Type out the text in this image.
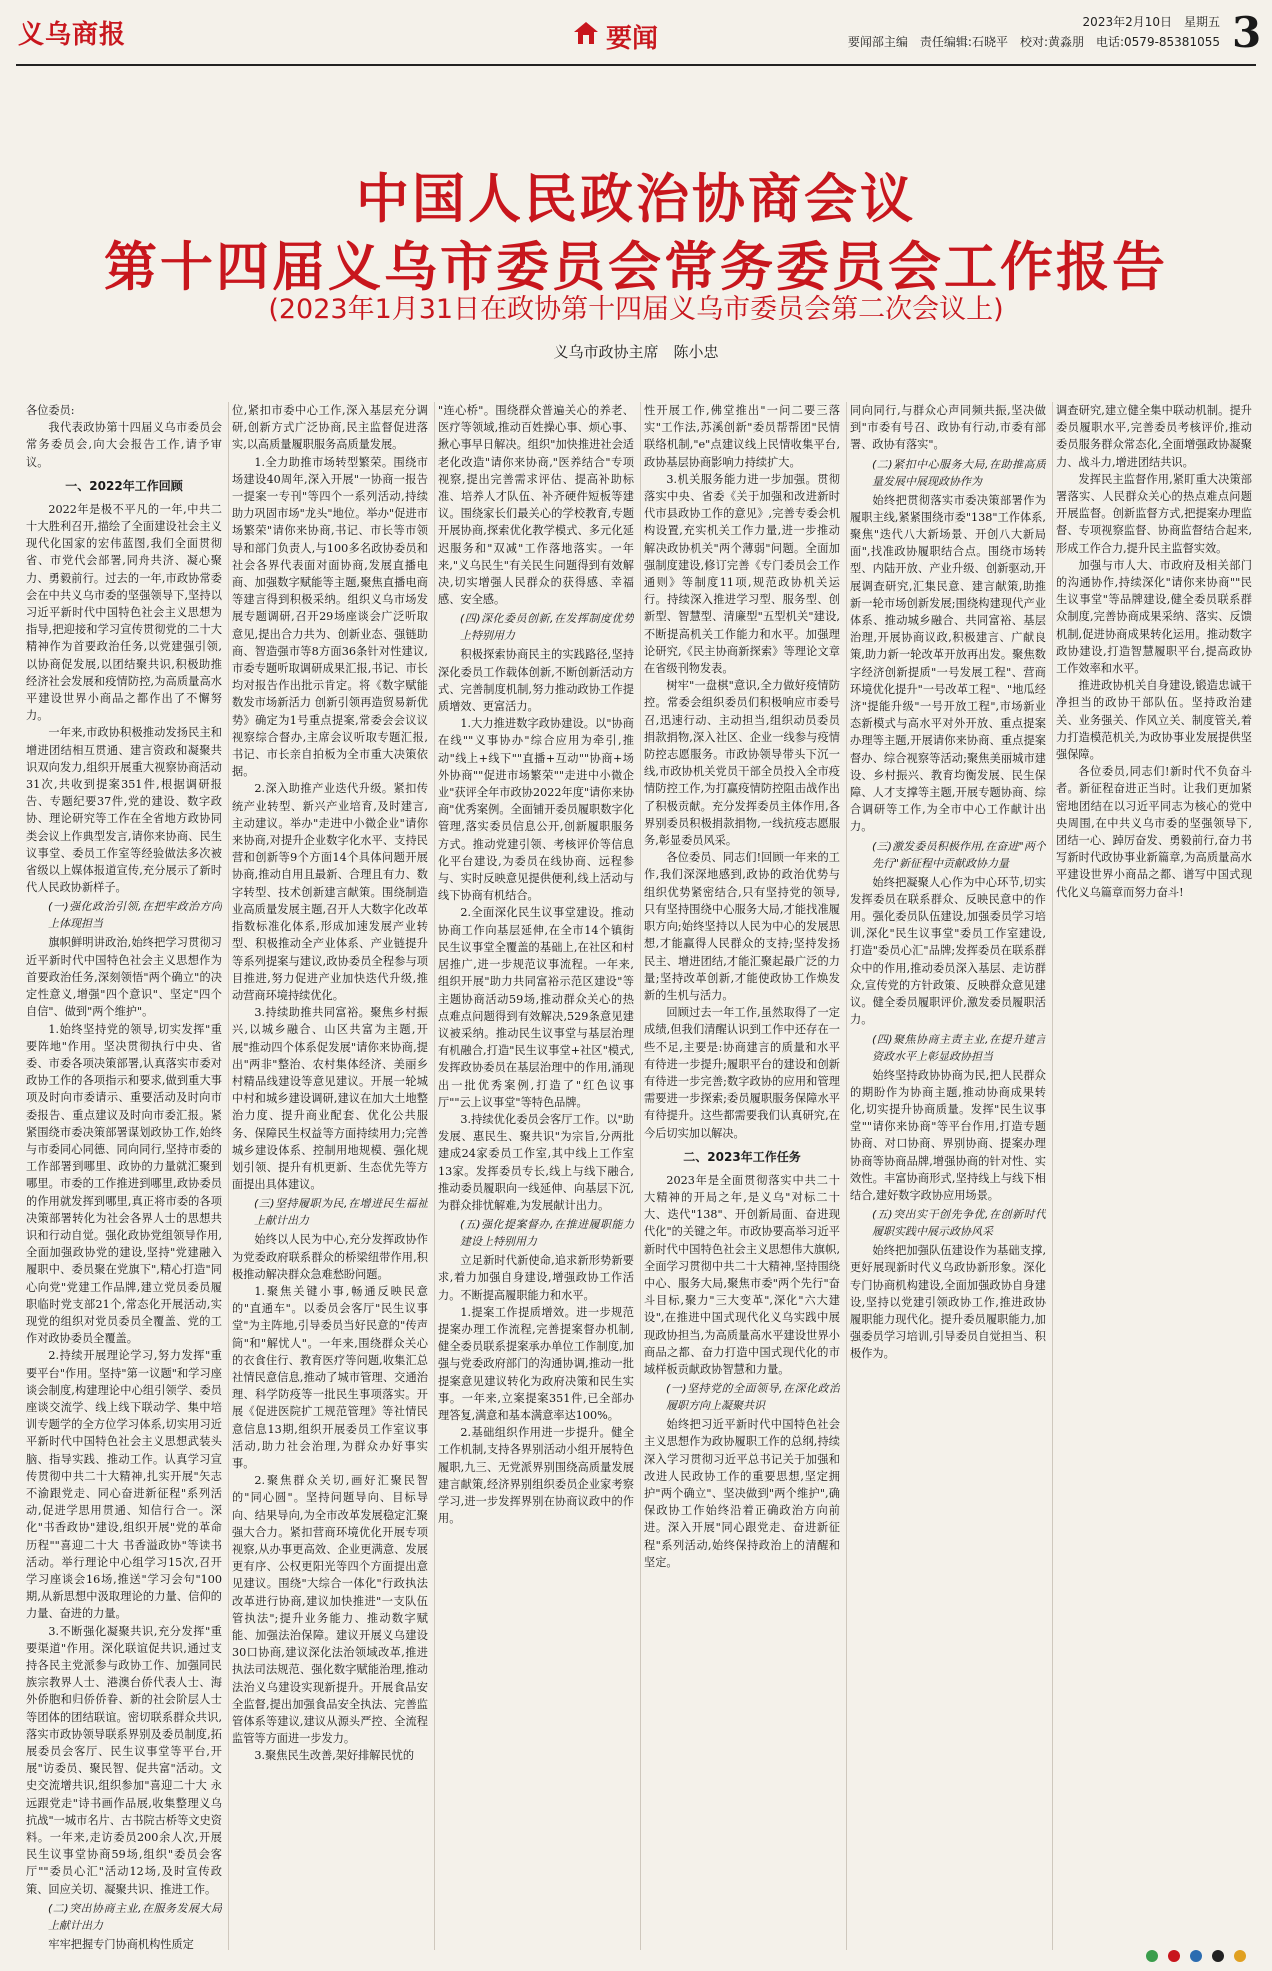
义乌商报	要闻
2023年2月10日　星期五
要闻部主编　责任编辑:石晓平　校对:黄淼朋　电话:0579-85381055 3
中国人民政治协商会议
第十四届义乌市委员会常务委员会工作报告
(2023年1月31日在政协第十四届义乌市委员会第二次会议上)
义乌市政协主席　陈小忠

各位委员:

我代表政协第十四届义乌市委员会常务委员会,向大会报告工作,请予审议。

一、2022年工作回顾

2022年是极不平凡的一年,中共二十大胜利召开,描绘了全面建设社会主义现代化国家的宏伟蓝图,我们全面贯彻省、市党代会部署,同舟共济、凝心聚力、勇毅前行。过去的一年,市政协常委会在中共义乌市委的坚强领导下,坚持以习近平新时代中国特色社会主义思想为指导,把迎接和学习宣传贯彻党的二十大精神作为首要政治任务,以党建强引领,以协商促发展,以团结聚共识,积极助推经济社会发展和疫情防控,为高质量高水平建设世界小商品之都作出了不懈努力。

一年来,市政协积极推动发扬民主和增进团结相互贯通、建言资政和凝聚共识双向发力,组织开展重大视察协商活动31次,共收到提案351件,根据调研报告、专题纪要37件,党的建设、数字政协、理论研究等工作在全省地方政协同类会议上作典型发言,请你来协商、民生议事堂、委员工作室等经验做法多次被省级以上媒体报道宣传,充分展示了新时代人民政协新样子。

(一)强化政治引领,在把牢政治方向上体现担当

旗帜鲜明讲政治,始终把学习贯彻习近平新时代中国特色社会主义思想作为首要政治任务,深刻领悟"两个确立"的决定性意义,增强"四个意识"、坚定"四个自信"、做到"两个维护"。

1.始终坚持党的领导,切实发挥"重要阵地"作用。坚决贯彻执行中央、省委、市委各项决策部署,认真落实市委对政协工作的各项指示和要求,做到重大事项及时向市委请示、重要活动及时向市委报告、重点建议及时向市委汇报。紧紧围绕市委决策部署谋划政协工作,始终与市委同心同德、同向同行,坚持市委的工作部署到哪里、政协的力量就汇聚到哪里。市委的工作推进到哪里,政协委员的作用就发挥到哪里,真正将市委的各项决策部署转化为社会各界人士的思想共识和行动自觉。强化政协党组领导作用,全面加强政协党的建设,坚持"党建融入履职中、委员聚在党旗下",精心打造"同心向党"党建工作品牌,建立党员委员履职临时党支部21个,常态化开展活动,实现党的组织对党员委员全覆盖、党的工作对政协委员全覆盖。

2.持续开展理论学习,努力发挥"重要平台"作用。坚持"第一议题"和学习座谈会制度,构建理论中心组引领学、委员座谈交流学、线上线下联动学、集中培训专题学的全方位学习体系,切实用习近平新时代中国特色社会主义思想武装头脑、指导实践、推动工作。认真学习宣传贯彻中共二十大精神,扎实开展"矢志不渝跟党走、同心奋进新征程"系列活动,促进学思用贯通、知信行合一。深化"书香政协"建设,组织开展"党的革命历程""喜迎二十大 书香溢政协"等读书活动。举行理论中心组学习15次,召开学习座谈会16场,推送"学习会句"100期,从新思想中汲取理论的力量、信仰的力量、奋进的力量。

3.不断强化凝聚共识,充分发挥"重要渠道"作用。深化联谊促共识,通过支持各民主党派参与政协工作、加强同民族宗教界人士、港澳台侨代表人士、海外侨胞和归侨侨眷、新的社会阶层人士等团体的团结联谊。密切联系群众共识,落实市政协领导联系界别及委员制度,拓展委员会客厅、民生议事堂等平台,开展"访委员、聚民智、促共富"活动。文史交流增共识,组织参加"喜迎二十大 永远跟党走"诗书画作品展,收集整理义乌抗战"一城市名片、古书院古桥等文史资料。一年来,走访委员200余人次,开展民生议事堂协商59场,组织"委员会客厅""委员心汇"活动12场,及时宣传政策、回应关切、凝聚共识、推进工作。

(二)突出协商主业,在服务发展大局上献计出力

牢牢把握专门协商机构性质定

位,紧扣市委中心工作,深入基层充分调研,创新方式广泛协商,民主监督促进落实,以高质量履职服务高质量发展。

1.全力助推市场转型繁荣。围绕市场建设40周年,深入开展"一协商一报告一提案一专刊"等四个一系列活动,持续助力巩固市场"龙头"地位。举办"促进市场繁荣"请你来协商,书记、市长等市领导和部门负责人,与100多名政协委员和社会各界代表面对面协商,发展直播电商、加强数字赋能等主题,聚焦直播电商等建言得到积极采纳。组织义乌市场发展专题调研,召开29场座谈会广泛听取意见,提出合力共为、创新业态、强链助商、智造强市等8方面36条针对性建议,市委专题听取调研成果汇报,书记、市长均对报告作出批示肯定。将《数字赋能数发市场新活力 创新引领再造贸易新优势》确定为1号重点提案,常委会会议议视察综合督办,主席会议听取专题汇报,书记、市长亲自拍板为全市重大决策依据。

2.深入助推产业迭代升级。紧扣传统产业转型、新兴产业培育,及时建言,主动建议。举办"走进中小微企业"请你来协商,对提升企业数字化水平、支持民营和创新等9个方面14个具体问题开展协商,推动自用且最新、合理且有力、数字转型、技术创新建言献策。围绕制造业高质量发展主题,召开人大数字化改革指数标准化体系,形成加速发展产业转型、积极推动全产业体系、产业链提升等系列提案与建议,政协委员全程参与项目推进,努力促进产业加快迭代升级,推动营商环境持续优化。

3.持续助推共同富裕。聚焦乡村振兴,以城乡融合、山区共富为主题,开展"推动四个体系促发展"请你来协商,提出"两非"整治、农村集体经济、美丽乡村精品线建设等意见建议。开展一轮城中村和城乡建设调研,建议在加大土地整治力度、提升商业配套、优化公共服务、保障民生权益等方面持续用力;完善城乡建设体系、控制用地规模、强化规划引领、提升有机更新、生态优先等方面提出具体建议。

(三)坚持履职为民,在增进民生福祉上献计出力

始终以人民为中心,充分发挥政协作为党委政府联系群众的桥梁纽带作用,积极推动解决群众急难愁盼问题。

1.聚焦关键小事,畅通反映民意的"直通车"。以委员会客厅"民生议事堂"为主阵地,引导委员当好民意的"传声筒"和"解忧人"。一年来,围绕群众关心的衣食住行、教育医疗等问题,收集汇总社情民意信息,推动了城市管理、交通治理、科学防疫等一批民生事项落实。开展《促进医院扩工规范管理》等社情民意信息13期,组织开展委员工作室议事活动,助力社会治理,为群众办好事实事。

2.聚焦群众关切,画好汇聚民智的"同心圆"。坚持问题导向、目标导向、结果导向,为全市改革发展稳定汇聚强大合力。紧扣营商环境优化开展专项视察,从办事更高效、企业更满意、发展更有序、公权更阳光等四个方面提出意见建议。围绕"大综合一体化"行政执法改革进行协商,建议加快推进"一支队伍管执法";提升业务能力、推动数字赋能、加强法治保障。建议开展义乌建设30口协商,建议深化法治领域改革,推进执法司法规范、强化数字赋能治理,推动法治义乌建设实现新提升。开展食品安全监督,提出加强食品安全执法、完善监管体系等建议,建议从源头严控、全流程监管等方面进一步发力。

3.聚焦民生改善,架好排解民忧的

"连心桥"。围绕群众普遍关心的养老、医疗等领域,推动百姓操心事、烦心事、揪心事早日解决。组织"加快推进社会适老化改造"请你来协商,"医养结合"专项视察,提出完善需求评估、提高补助标准、培养人才队伍、补齐硬件短板等建议。围绕家长们最关心的学校教育,专题开展协商,探索优化教学模式、多元化延迟服务和"双减"工作落地落实。一年来,"义乌民生"有关民生问题得到有效解决,切实增强人民群众的获得感、幸福感、安全感。

(四)深化委员创新,在发挥制度优势上特别用力

积极探索协商民主的实践路径,坚持深化委员工作载体创新,不断创新活动方式、完善制度机制,努力推动政协工作提质增效、更富活力。

1.大力推进数字政协建设。以"协商在线""义事协办"综合应用为牵引,推动"线上+线下""直播+互动""协商+场外协商""促进市场繁荣""走进中小微企业"获评全年市政协2022年度"请你来协商"优秀案例。全面铺开委员履职数字化管理,落实委员信息公开,创新履职服务方式。推动党建引领、考核评价等信息化平台建设,为委员在线协商、远程参与、实时反映意见提供便利,线上活动与线下协商有机结合。

2.全面深化民生议事堂建设。推动协商工作向基层延伸,在全市14个镇街民生议事堂全覆盖的基础上,在社区和村居推广,进一步规范议事流程。一年来,组织开展"助力共同富裕示范区建设"等主题协商活动59场,推动群众关心的热点难点问题得到有效解决,529条意见建议被采纳。推动民生议事堂与基层治理有机融合,打造"民生议事堂+社区"模式,发挥政协委员在基层治理中的作用,涌现出一批优秀案例,打造了"红色议事厅""云上议事堂"等特色品牌。

3.持续优化委员会客厅工作。以"助发展、惠民生、聚共识"为宗旨,分两批建成24家委员工作室,其中线上工作室13家。发挥委员专长,线上与线下融合,推动委员履职向一线延伸、向基层下沉,为群众排忧解难,为发展献计出力。

(五)强化提案督办,在推进履职能力建设上特别用力

立足新时代新使命,追求新形势新要求,着力加强自身建设,增强政协工作活力。不断提高履职能力和水平。

1.提案工作提质增效。进一步规范提案办理工作流程,完善提案督办机制,健全委员联系提案承办单位工作制度,加强与党委政府部门的沟通协调,推动一批提案意见建议转化为政府决策和民生实事。一年来,立案提案351件,已全部办理答复,满意和基本满意率达100%。

2.基础组织作用进一步提升。健全工作机制,支持各界别活动小组开展特色履职,九三、无党派界别围绕高质量发展建言献策,经济界别组织委员企业家考察学习,进一步发挥界别在协商议政中的作用。

性开展工作,佛堂推出"一问二要三落实"工作法,苏溪创新"委员帮帮团"民情联络机制,"e"点建议线上民情收集平台,政协基层协商影响力持续扩大。

3.机关服务能力进一步加强。贯彻落实中央、省委《关于加强和改进新时代市县政协工作的意见》,完善专委会机构设置,充实机关工作力量,进一步推动解决政协机关"两个薄弱"问题。全面加强制度建设,修订完善《专门委员会工作通则》等制度11项,规范政协机关运行。持续深入推进学习型、服务型、创新型、智慧型、清廉型"五型机关"建设,不断提高机关工作能力和水平。加强理论研究,《民主协商新探索》等理论文章在省级刊物发表。

树牢"一盘棋"意识,全力做好疫情防控。常委会组织委员们积极响应市委号召,迅速行动、主动担当,组织动员委员捐款捐物,深入社区、企业一线参与疫情防控志愿服务。市政协领导带头下沉一线,市政协机关党员干部全员投入全市疫情防控工作,为打赢疫情防控阻击战作出了积极贡献。充分发挥委员主体作用,各界别委员积极捐款捐物,一线抗疫志愿服务,彰显委员风采。

各位委员、同志们!回顾一年来的工作,我们深深地感到,政协的政治优势与组织优势紧密结合,只有坚持党的领导,只有坚持围绕中心服务大局,才能找准履职方向;始终坚持以人民为中心的发展思想,才能赢得人民群众的支持;坚持发扬民主、增进团结,才能汇聚起最广泛的力量;坚持改革创新,才能使政协工作焕发新的生机与活力。

回顾过去一年工作,虽然取得了一定成绩,但我们清醒认识到工作中还存在一些不足,主要是:协商建言的质量和水平有待进一步提升;履职平台的建设和创新有待进一步完善;数字政协的应用和管理需要进一步探索;委员履职服务保障水平有待提升。这些都需要我们认真研究,在今后切实加以解决。

二、2023年工作任务

2023年是全面贯彻落实中共二十大精神的开局之年,是义乌"对标二十大、迭代"138"、开创新局面、奋进现代化"的关键之年。市政协要高举习近平新时代中国特色社会主义思想伟大旗帜,全面学习贯彻中共二十大精神,坚持围绕中心、服务大局,聚焦市委"两个先行"奋斗目标,聚力"三大变革",深化"六大建设",在推进中国式现代化义乌实践中展现政协担当,为高质量高水平建设世界小商品之都、奋力打造中国式现代化的市域样板贡献政协智慧和力量。

(一)坚持党的全面领导,在深化政治履职方向上凝聚共识

始终把习近平新时代中国特色社会主义思想作为政协履职工作的总纲,持续深入学习贯彻习近平总书记关于加强和改进人民政协工作的重要思想,坚定拥护"两个确立"、坚决做到"两个维护",确保政协工作始终沿着正确政治方向前进。深入开展"同心跟党走、奋进新征程"系列活动,始终保持政治上的清醒和坚定。

同向同行,与群众心声同频共振,坚决做到"市委有号召、政协有行动,市委有部署、政协有落实"。

(二)紧扣中心服务大局,在助推高质量发展中展现政协作为

始终把贯彻落实市委决策部署作为履职主线,紧紧围绕市委"138"工作体系,聚焦"迭代八大新场景、开创八大新局面",找准政协履职结合点。围绕市场转型、内陆开放、产业升级、创新驱动,开展调查研究,汇集民意、建言献策,助推新一轮市场创新发展;围绕构建现代产业体系、推动城乡融合、共同富裕、基层治理,开展协商议政,积极建言、广献良策,助力新一轮改革开放再出发。聚焦数字经济创新提质"一号发展工程"、营商环境优化提升"一号改革工程"、"地瓜经济"提能升级"一号开放工程",市场新业态新模式与高水平对外开放、重点提案办理等主题,开展请你来协商、重点提案督办、综合视察等活动;聚焦美丽城市建设、乡村振兴、教育均衡发展、民生保障、人才支撑等主题,开展专题协商、综合调研等工作,为全市中心工作献计出力。

(三)激发委员积极作用,在奋进"两个先行"新征程中贡献政协力量

始终把凝聚人心作为中心环节,切实发挥委员在联系群众、反映民意中的作用。强化委员队伍建设,加强委员学习培训,深化"民生议事堂"委员工作室建设,打造"委员心汇"品牌;发挥委员在联系群众中的作用,推动委员深入基层、走访群众,宣传党的方针政策、反映群众意见建议。健全委员履职评价,激发委员履职活力。

(四)聚焦协商主责主业,在提升建言资政水平上彰显政协担当

始终坚持政协协商为民,把人民群众的期盼作为协商主题,推动协商成果转化,切实提升协商质量。发挥"民生议事堂""请你来协商"等平台作用,打造专题协商、对口协商、界别协商、提案办理协商等协商品牌,增强协商的针对性、实效性。丰富协商形式,坚持线上与线下相结合,建好数字政协应用场景。

(五)突出实干创先争优,在创新时代履职实践中展示政协风采

始终把加强队伍建设作为基础支撑,更好展现新时代义乌政协新形象。深化专门协商机构建设,全面加强政协自身建设,坚持以党建引领政协工作,推进政协履职能力现代化。提升委员履职能力,加强委员学习培训,引导委员自觉担当、积极作为。

调查研究,建立健全集中联动机制。提升委员履职水平,完善委员考核评价,推动委员服务群众常态化,全面增强政协凝聚力、战斗力,增进团结共识。

发挥民主监督作用,紧盯重大决策部署落实、人民群众关心的热点难点问题开展监督。创新监督方式,把提案办理监督、专项视察监督、协商监督结合起来,形成工作合力,提升民主监督实效。

加强与市人大、市政府及相关部门的沟通协作,持续深化"请你来协商""民生议事堂"等品牌建设,健全委员联系群众制度,完善协商成果采纳、落实、反馈机制,促进协商成果转化运用。推动数字政协建设,打造智慧履职平台,提高政协工作效率和水平。

推进政协机关自身建设,锻造忠诚干净担当的政协干部队伍。坚持政治建关、业务强关、作风立关、制度管关,着力打造模范机关,为政协事业发展提供坚强保障。

各位委员,同志们!新时代不负奋斗者。新征程奋进正当时。让我们更加紧密地团结在以习近平同志为核心的党中央周围,在中共义乌市委的坚强领导下,团结一心、踔厉奋发、勇毅前行,奋力书写新时代政协事业新篇章,为高质量高水平建设世界小商品之都、谱写中国式现代化义乌篇章而努力奋斗!
